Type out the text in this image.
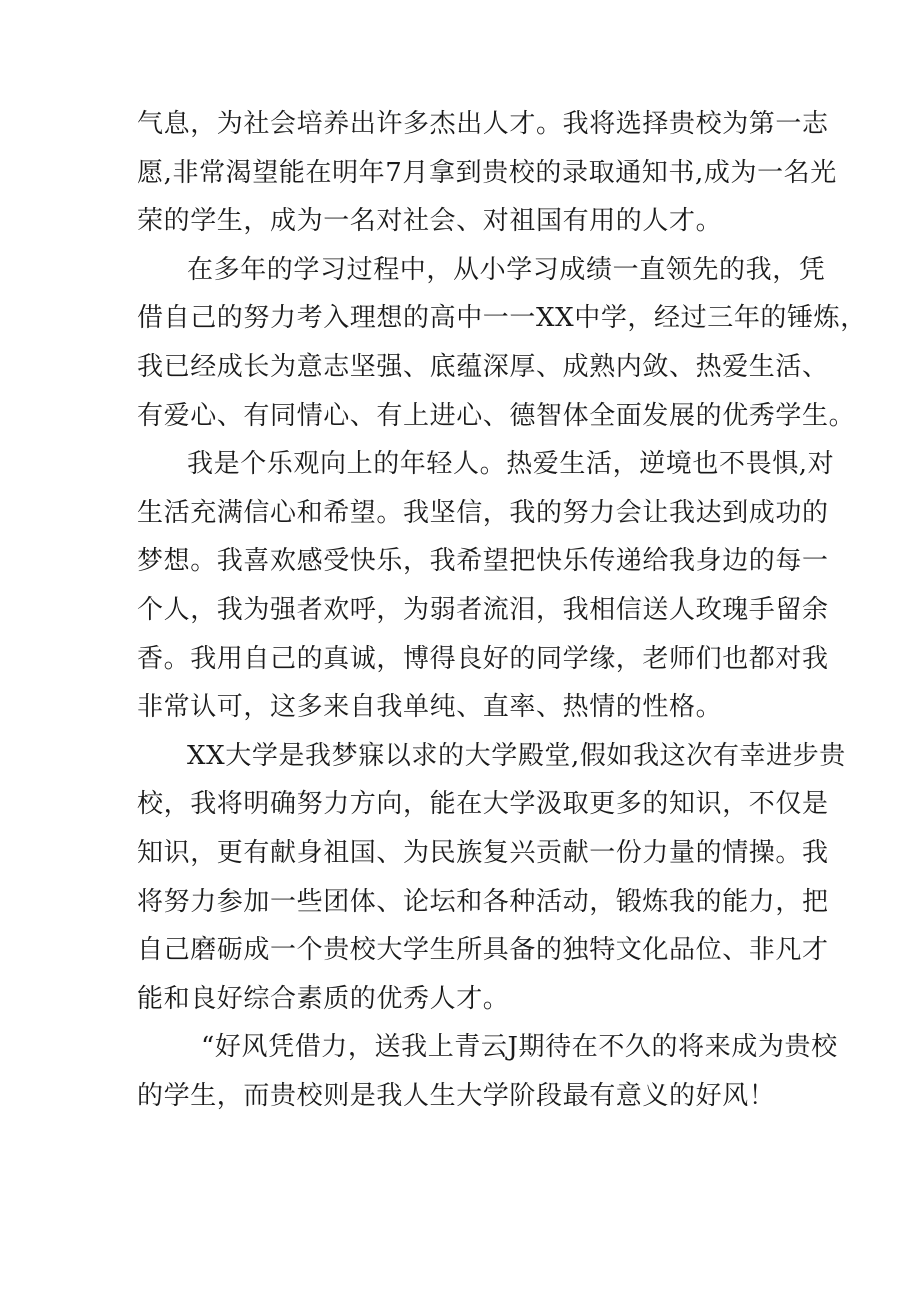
气息，为社会培养出许多杰出人才。我将选择贵校为第一志
愿,非常渴望能在明年7月拿到贵校的录取通知书,成为一名光
荣的学生，成为一名对社会、对祖国有用的人才。
在多年的学习过程中，从小学习成绩一直领先的我，凭
借自己的努力考入理想的高中一一XX中学，经过三年的锤炼，
我已经成长为意志坚强、底蕴深厚、成熟内敛、热爱生活、
有爱心、有同情心、有上进心、德智体全面发展的优秀学生。
我是个乐观向上的年轻人。热爱生活，逆境也不畏惧,对
生活充满信心和希望。我坚信，我的努力会让我达到成功的
梦想。我喜欢感受快乐，我希望把快乐传递给我身边的每一
个人，我为强者欢呼，为弱者流泪，我相信送人玫瑰手留余
香。我用自己的真诚，博得良好的同学缘，老师们也都对我
非常认可，这多来自我单纯、直率、热情的性格。
XX大学是我梦寐以求的大学殿堂,假如我这次有幸进步贵
校，我将明确努力方向，能在大学汲取更多的知识，不仅是
知识，更有献身祖国、为民族复兴贡献一份力量的情操。我
将努力参加一些团体、论坛和各种活动，锻炼我的能力，把
自己磨砺成一个贵校大学生所具备的独特文化品位、非凡才
能和良好综合素质的优秀人才。
“好风凭借力，送我上青云J期待在不久的将来成为贵校
的学生，而贵校则是我人生大学阶段最有意义的好风！
